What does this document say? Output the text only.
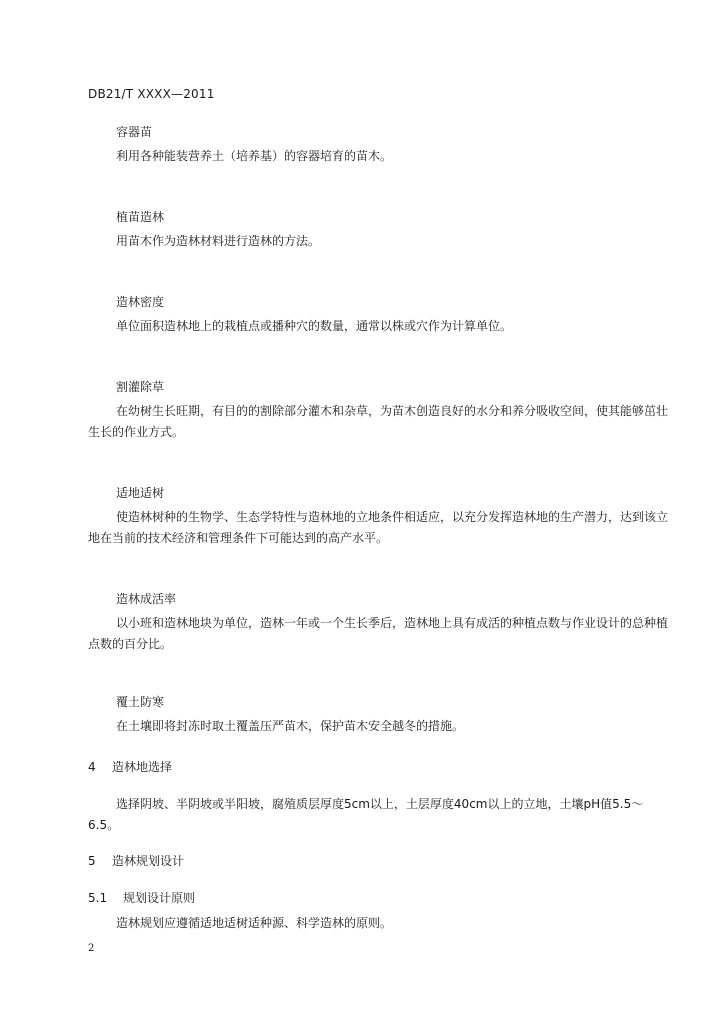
DB21/T XXXX—2011
容器苗

利用各种能装营养土（培养基）的容器培育的苗木。

植苗造林

用苗木作为造林材料进行造林的方法。

造林密度

单位面积造林地上的栽植点或播种穴的数量，通常以株或穴作为计算单位。

割灌除草

在幼树生长旺期，有目的的割除部分灌木和杂草，为苗木创造良好的水分和养分吸收空间，使其能够茁壮生长的作业方式。

适地适树

使造林树种的生物学、生态学特性与造林地的立地条件相适应，以充分发挥造林地的生产潜力，达到该立地在当前的技术经济和管理条件下可能达到的高产水平。

造林成活率

以小班和造林地块为单位，造林一年或一个生长季后，造林地上具有成活的种植点数与作业设计的总种植点数的百分比。

覆土防寒

在土壤即将封冻时取土覆盖压严苗木，保护苗木安全越冬的措施。

4 造林地选择

选择阴坡、半阴坡或半阳坡，腐殖质层厚度5cm以上，土层厚度40cm以上的立地，土壤pH值5.5～6.5。

5 造林规划设计
5.1 规划设计原则

造林规划应遵循适地适树适种源、科学造林的原则。

2
